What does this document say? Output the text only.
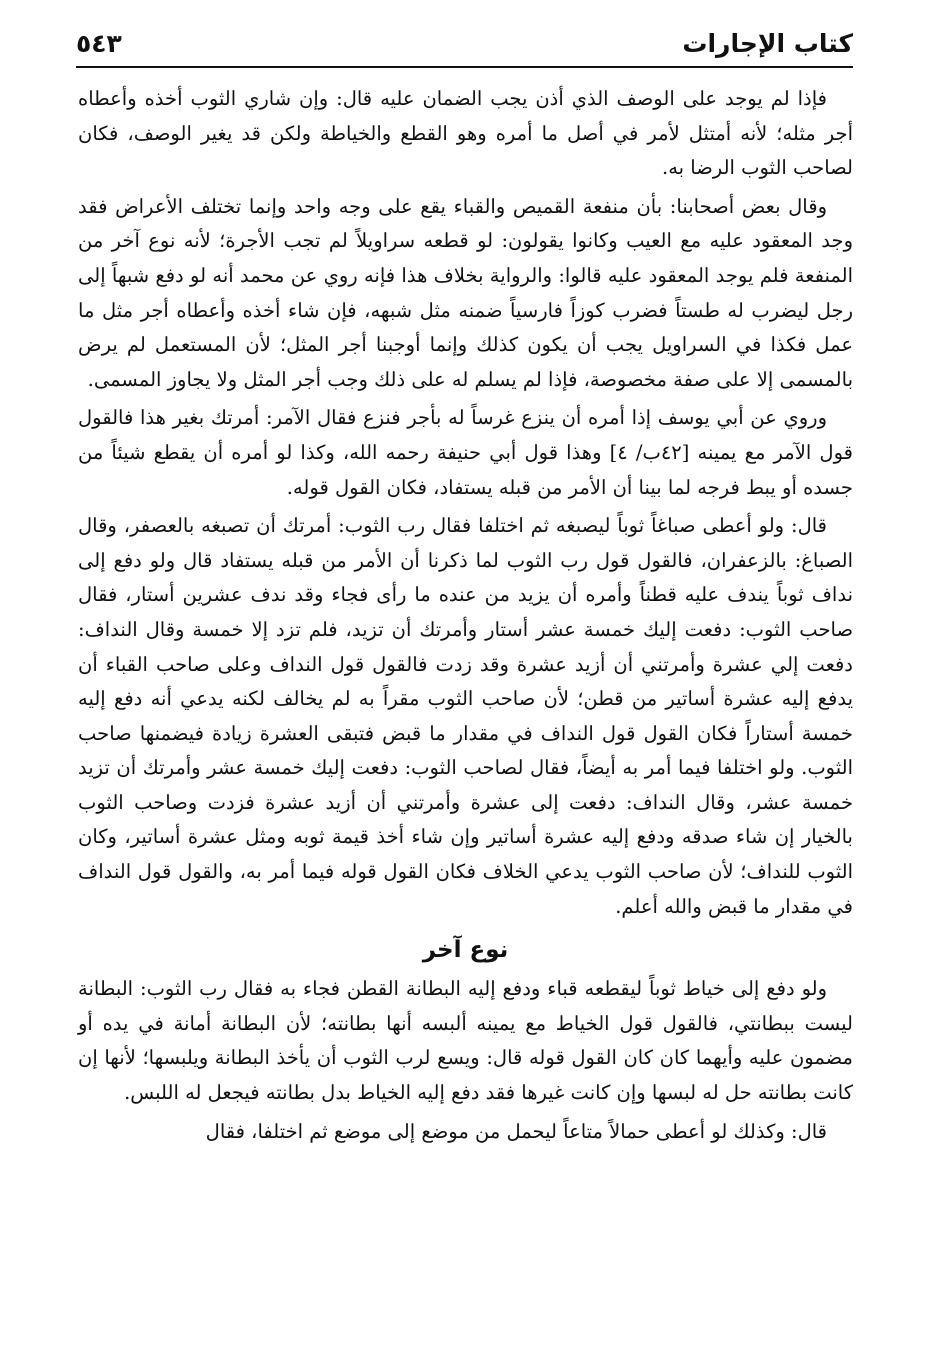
كتاب الإجارات
٥٤٣

فإذا لم يوجد على الوصف الذي أذن يجب الضمان عليه قال: وإن شاري الثوب أخذه وأعطاه أجر مثله؛ لأنه أمتثل لأمر في أصل ما أمره وهو القطع والخياطة ولكن قد يغير الوصف، فكان لصاحب الثوب الرضا به.

وقال بعض أصحابنا: بأن منفعة القميص والقباء يقع على وجه واحد وإنما تختلف الأعراض فقد وجد المعقود عليه مع العيب وكانوا يقولون: لو قطعه سراويلاً لم تجب الأجرة؛ لأنه نوع آخر من المنفعة فلم يوجد المعقود عليه قالوا: والرواية بخلاف هذا فإنه روي عن محمد أنه لو دفع شبهاً إلى رجل ليضرب له طستاً فضرب كوزاً فارسياً ضمنه مثل شبهه، فإن شاء أخذه وأعطاه أجر مثل ما عمل فكذا في السراويل يجب أن يكون كذلك وإنما أوجبنا أجر المثل؛ لأن المستعمل لم يرض بالمسمى إلا على صفة مخصوصة، فإذا لم يسلم له على ذلك وجب أجر المثل ولا يجاوز المسمى.

وروي عن أبي يوسف إذا أمره أن ينزع غرساً له بأجر فنزع فقال الآمر: أمرتك بغير هذا فالقول قول الآمر مع يمينه [٤٢ب/ ٤] وهذا قول أبي حنيفة رحمه الله، وكذا لو أمره أن يقطع شيئاً من جسده أو يبط فرجه لما بينا أن الأمر من قبله يستفاد، فكان القول قوله.

قال: ولو أعطى صباغاً ثوباً ليصبغه ثم اختلفا فقال رب الثوب: أمرتك أن تصبغه بالعصفر، وقال الصباغ: بالزعفران، فالقول قول رب الثوب لما ذكرنا أن الأمر من قبله يستفاد قال ولو دفع إلى نداف ثوباً يندف عليه قطناً وأمره أن يزيد من عنده ما رأى فجاء وقد ندف عشرين أستار، فقال صاحب الثوب: دفعت إليك خمسة عشر أستار وأمرتك أن تزيد، فلم تزد إلا خمسة وقال النداف: دفعت إلي عشرة وأمرتني أن أزيد عشرة وقد زدت فالقول قول النداف وعلى صاحب القباء أن يدفع إليه عشرة أساتير من قطن؛ لأن صاحب الثوب مقراً به لم يخالف لكنه يدعي أنه دفع إليه خمسة أستاراً فكان القول قول النداف في مقدار ما قبض فتبقى العشرة زيادة فيضمنها صاحب الثوب. ولو اختلفا فيما أمر به أيضاً، فقال لصاحب الثوب: دفعت إليك خمسة عشر وأمرتك أن تزيد خمسة عشر، وقال النداف: دفعت إلى عشرة وأمرتني أن أزيد عشرة فزدت وصاحب الثوب بالخيار إن شاء صدقه ودفع إليه عشرة أساتير وإن شاء أخذ قيمة ثوبه ومثل عشرة أساتير، وكان الثوب للنداف؛ لأن صاحب الثوب يدعي الخلاف فكان القول قوله فيما أمر به، والقول قول النداف في مقدار ما قبض والله أعلم.

نوع آخر

ولو دفع إلى خياط ثوباً ليقطعه قباء ودفع إليه البطانة القطن فجاء به فقال رب الثوب: البطانة ليست ببطانتي، فالقول قول الخياط مع يمينه ألبسه أنها بطانته؛ لأن البطانة أمانة في يده أو مضمون عليه وأيهما كان كان القول قوله قال: ويسع لرب الثوب أن يأخذ البطانة ويلبسها؛ لأنها إن كانت بطانته حل له لبسها وإن كانت غيرها فقد دفع إليه الخياط بدل بطانته فيجعل له اللبس.

قال: وكذلك لو أعطى حمالاً متاعاً ليحمل من موضع إلى موضع ثم اختلفا، فقال
